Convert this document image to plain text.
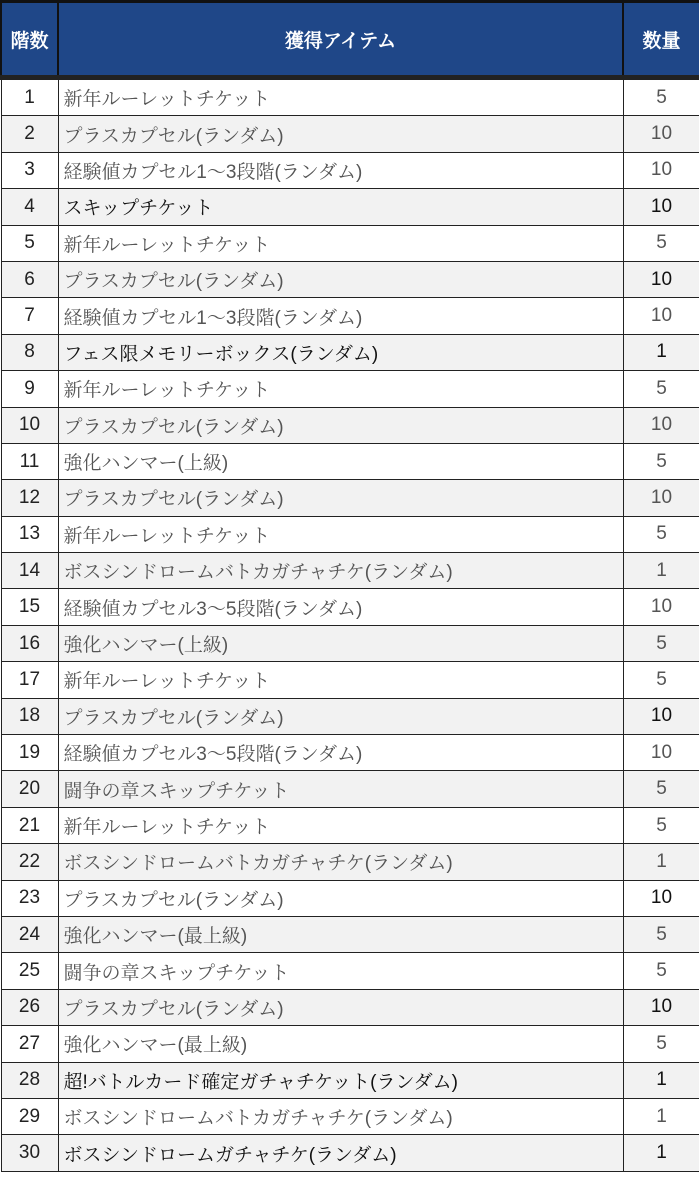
階数	獲得アイテム	数量
1	新年ルーレットチケット	5
2	プラスカプセル(ランダム)	10
3	経験値カプセル1〜3段階(ランダム)	10
4	スキップチケット	10
5	新年ルーレットチケット	5
6	プラスカプセル(ランダム)	10
7	経験値カプセル1〜3段階(ランダム)	10
8	フェス限メモリーボックス(ランダム)	1
9	新年ルーレットチケット	5
10	プラスカプセル(ランダム)	10
11	強化ハンマー(上級)	5
12	プラスカプセル(ランダム)	10
13	新年ルーレットチケット	5
14	ボスシンドロームバトカガチャチケ(ランダム)	1
15	経験値カプセル3〜5段階(ランダム)	10
16	強化ハンマー(上級)	5
17	新年ルーレットチケット	5
18	プラスカプセル(ランダム)	10
19	経験値カプセル3〜5段階(ランダム)	10
20	闘争の章スキップチケット	5
21	新年ルーレットチケット	5
22	ボスシンドロームバトカガチャチケ(ランダム)	1
23	プラスカプセル(ランダム)	10
24	強化ハンマー(最上級)	5
25	闘争の章スキップチケット	5
26	プラスカプセル(ランダム)	10
27	強化ハンマー(最上級)	5
28	超!バトルカード確定ガチャチケット(ランダム)	1
29	ボスシンドロームバトカガチャチケ(ランダム)	1
30	ボスシンドロームガチャチケ(ランダム)	1
